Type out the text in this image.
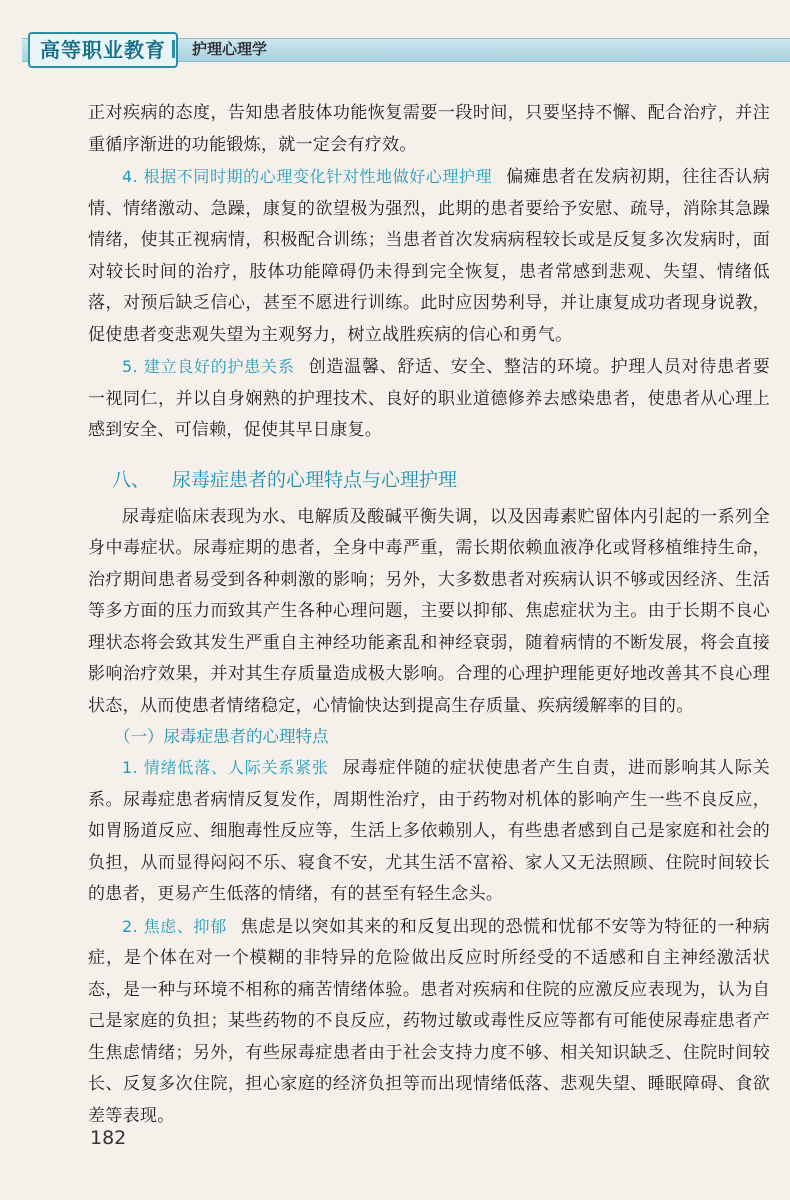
高等职业教育	护理心理学

正对疾病的态度，告知患者肢体功能恢复需要一段时间，只要坚持不懈、配合治疗，并注重循序渐进的功能锻炼，就一定会有疗效。

4. 根据不同时期的心理变化针对性地做好心理护理 偏瘫患者在发病初期，往往否认病情、情绪激动、急躁，康复的欲望极为强烈，此期的患者要给予安慰、疏导，消除其急躁情绪，使其正视病情，积极配合训练；当患者首次发病病程较长或是反复多次发病时，面对较长时间的治疗，肢体功能障碍仍未得到完全恢复，患者常感到悲观、失望、情绪低落，对预后缺乏信心，甚至不愿进行训练。此时应因势利导，并让康复成功者现身说教，促使患者变悲观失望为主观努力，树立战胜疾病的信心和勇气。

5. 建立良好的护患关系 创造温馨、舒适、安全、整洁的环境。护理人员对待患者要一视同仁，并以自身娴熟的护理技术、良好的职业道德修养去感染患者，使患者从心理上感到安全、可信赖，促使其早日康复。

八、 尿毒症患者的心理特点与心理护理

尿毒症临床表现为水、电解质及酸碱平衡失调，以及因毒素贮留体内引起的一系列全身中毒症状。尿毒症期的患者，全身中毒严重，需长期依赖血液净化或肾移植维持生命，治疗期间患者易受到各种刺激的影响；另外，大多数患者对疾病认识不够或因经济、生活等多方面的压力而致其产生各种心理问题，主要以抑郁、焦虑症状为主。由于长期不良心理状态将会致其发生严重自主神经功能紊乱和神经衰弱，随着病情的不断发展，将会直接影响治疗效果，并对其生存质量造成极大影响。合理的心理护理能更好地改善其不良心理状态，从而使患者情绪稳定，心情愉快达到提高生存质量、疾病缓解率的目的。

（一）尿毒症患者的心理特点

1. 情绪低落、人际关系紧张 尿毒症伴随的症状使患者产生自责，进而影响其人际关系。尿毒症患者病情反复发作，周期性治疗，由于药物对机体的影响产生一些不良反应，如胃肠道反应、细胞毒性反应等，生活上多依赖别人，有些患者感到自己是家庭和社会的负担，从而显得闷闷不乐、寝食不安，尤其生活不富裕、家人又无法照顾、住院时间较长的患者，更易产生低落的情绪，有的甚至有轻生念头。

2. 焦虑、抑郁 焦虑是以突如其来的和反复出现的恐慌和忧郁不安等为特征的一种病症，是个体在对一个模糊的非特异的危险做出反应时所经受的不适感和自主神经激活状态，是一种与环境不相称的痛苦情绪体验。患者对疾病和住院的应激反应表现为，认为自己是家庭的负担；某些药物的不良反应，药物过敏或毒性反应等都有可能使尿毒症患者产生焦虑情绪；另外，有些尿毒症患者由于社会支持力度不够、相关知识缺乏、住院时间较长、反复多次住院，担心家庭的经济负担等而出现情绪低落、悲观失望、睡眠障碍、食欲差等表现。

182
